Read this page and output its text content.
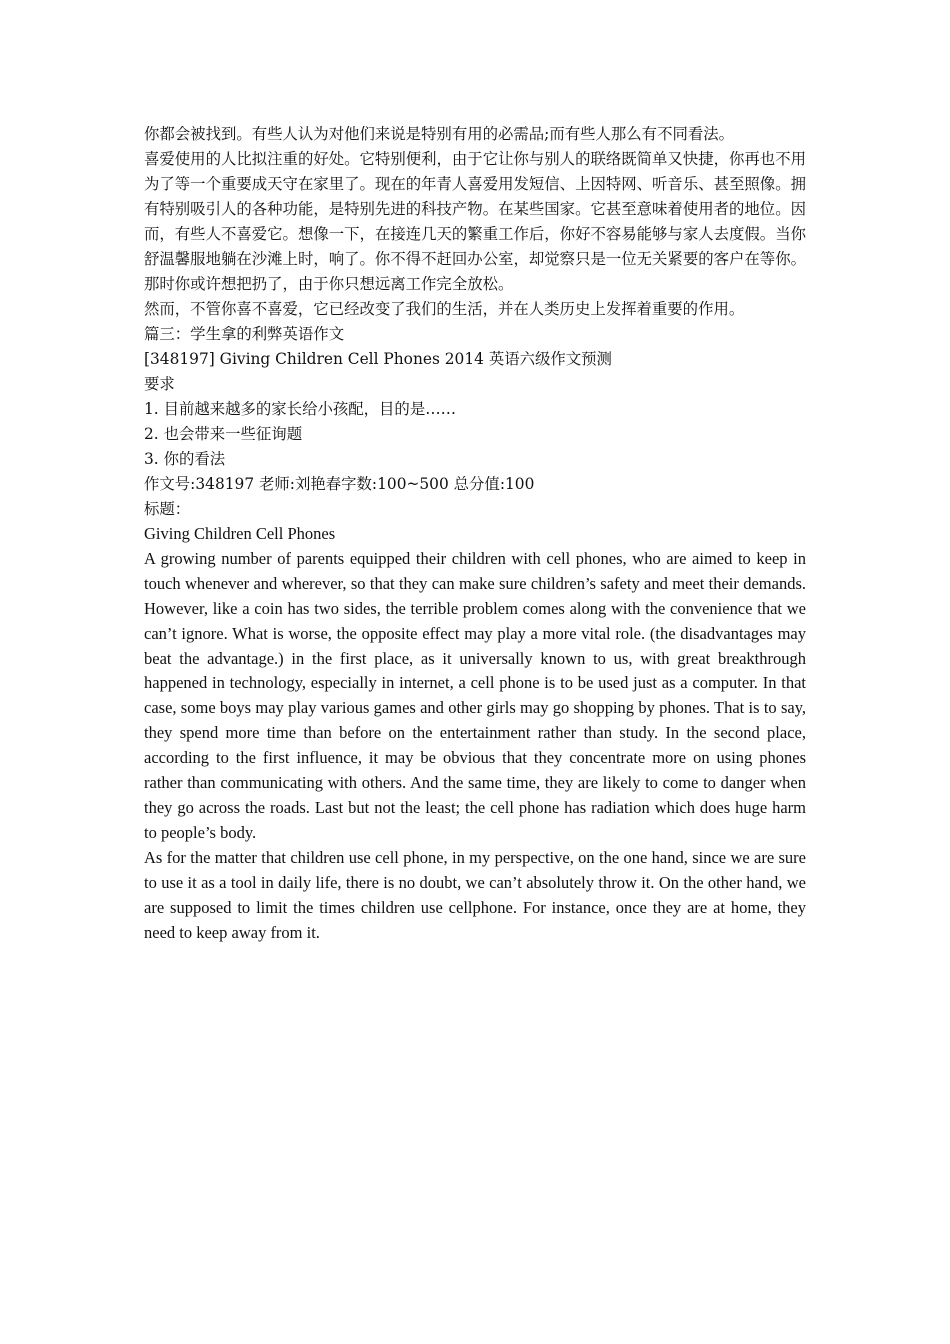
你都会被找到。有些人认为对他们来说是特别有用的必需品;而有些人那么有不同看法。

喜爱使用的人比拟注重的好处。它特别便利，由于它让你与别人的联络既简单又快捷，你再也不用为了等一个重要成天守在家里了。现在的年青人喜爱用发短信、上因特网、听音乐、甚至照像。拥有特别吸引人的各种功能，是特别先进的科技产物。在某些国家。它甚至意味着使用者的地位。因而，有些人不喜爱它。想像一下，在接连几天的繁重工作后，你好不容易能够与家人去度假。当你舒温馨服地躺在沙滩上时，响了。你不得不赶回办公室，却觉察只是一位无关紧要的客户在等你。那时你或许想把扔了，由于你只想远离工作完全放松。

然而，不管你喜不喜爱，它已经改变了我们的生活，并在人类历史上发挥着重要的作用。

篇三：学生拿的利弊英语作文

[348197] Giving Children Cell Phones 2014 英语六级作文预测

要求

1. 目前越来越多的家长给小孩配，目的是……

2. 也会带来一些征询题

3. 你的看法

作文号:348197 老师:刘艳春字数:100~500 总分值:100

标题：

Giving Children Cell Phones

A growing number of parents equipped their children with cell phones, who are aimed to keep in touch whenever and wherever, so that they can make sure children’s safety and meet their demands. However, like a coin has two sides, the terrible problem comes along with the convenience that we can’t ignore. What is worse, the opposite effect may play a more vital role. (the disadvantages may beat the advantage.) in the first place, as it universally known to us, with great breakthrough happened in technology, especially in internet, a cell phone is to be used just as a computer. In that case, some boys may play various games and other girls may go shopping by phones. That is to say, they spend more time than before on the entertainment rather than study. In the second place, according to the first influence, it may be obvious that they concentrate more on using phones rather than communicating with others. And the same time, they are likely to come to danger when they go across the roads. Last but not the least; the cell phone has radiation which does huge harm to people’s body.

As for the matter that children use cell phone, in my perspective, on the one hand, since we are sure to use it as a tool in daily life, there is no doubt, we can’t absolutely throw it. On the other hand, we are supposed to limit the times children use cellphone. For instance, once they are at home, they need to keep away from it.
